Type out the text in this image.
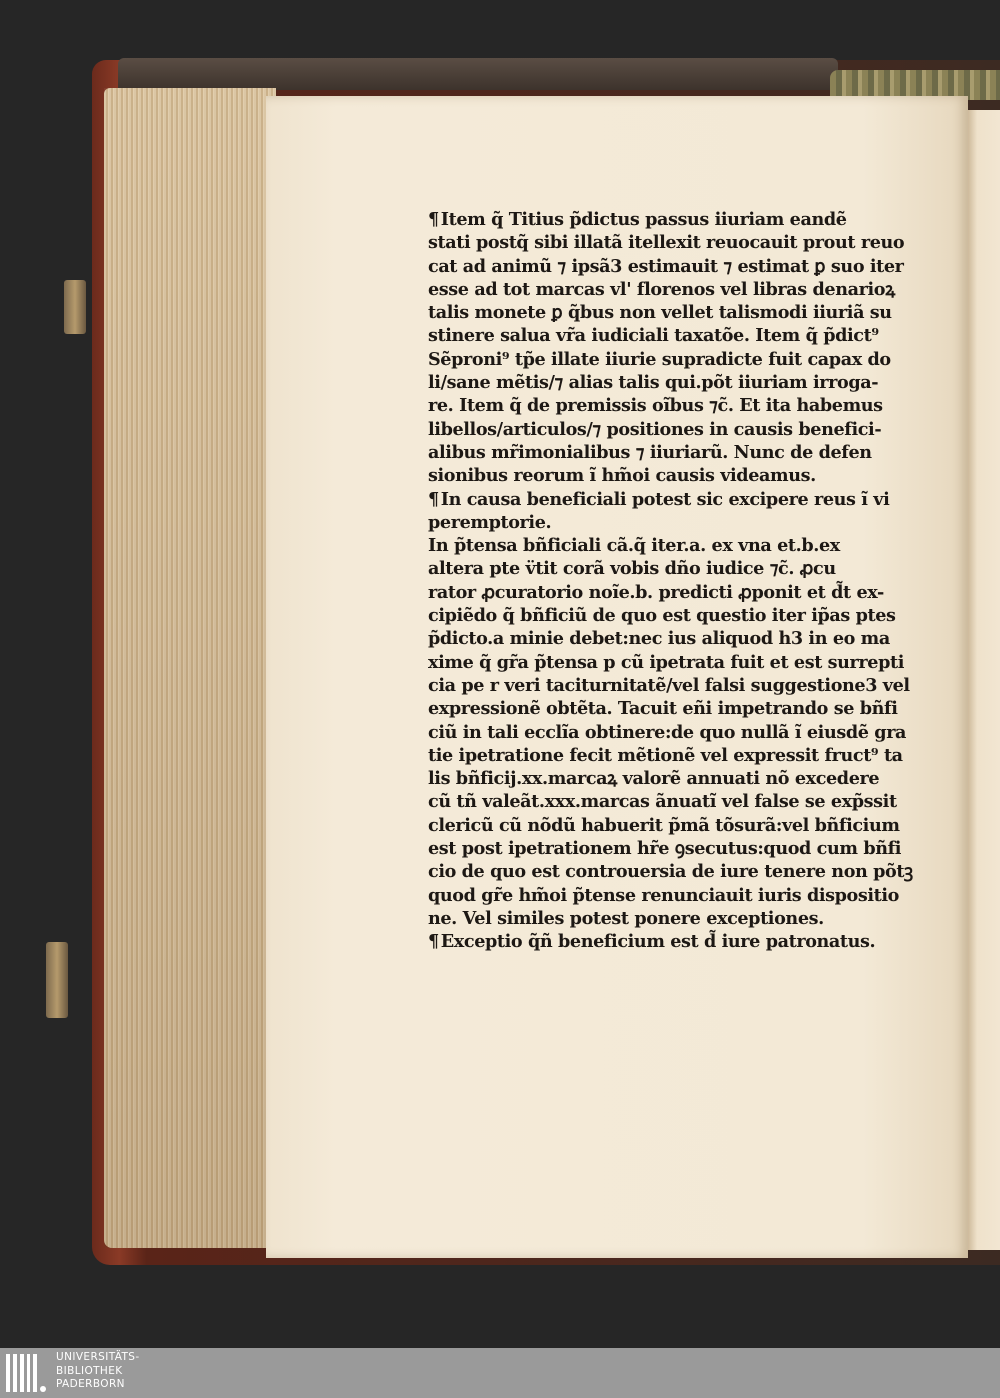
¶ Item q̃ Titius p̃dictus passus iiuriam eandẽ
stati postq̃ sibi illatã itellexit reuocauit prout reuo
cat ad animũ ⁊ ipsã3 estimauit ⁊ estimat ꝑ suo iter
esse ad tot marcas vl' florenos vel libras denarioꝝ
talis monete ꝑ q̃bus non vellet talismodi iiuriã su
stinere salua vr̃a iudiciali taxatõe. Item q̃ p̃dict⁹
Sẽproni⁹ tp̃e illate iiurie supradicte fuit capax do
li/sane mẽtis/⁊ alias talis qui.põt iiuriam irroga-
re. Item q̃ de premissis oĩbus ⁊c̃. Et ita habemus
libellos/articulos/⁊ positiones in causis benefici-
alibus mr̃imonialibus ⁊ iiuriarũ. Nunc de defen
sionibus reorum ĩ hm̃oi causis videamus.
¶ In causa beneficiali potest sic excipere reus ĩ vi
peremptorie.
In p̃tensa bñficiali cã.q̃ iter.a. ex vna et.b.ex
altera pte v̈tit corã vobis dño iudice ⁊c̃. ꝓcu
rator ꝓcuratorio noĩe.b. predicti ꝓponit et d̃t ex-
cipiẽdo q̃ bñficiũ de quo est questio iter ip̃as ptes
p̃dicto.a minie debet:nec ius aliquod h3 in eo ma
xime q̃ gr̃a p̃tensa p cũ ipetrata fuit et est surrepti
cia pe r veri taciturnitatẽ/vel falsi suggestione3 vel
expressionẽ obtẽta. Tacuit eñi impetrando se bñfi
ciũ in tali ecclĩa obtinere:de quo nullã ĩ eiusdẽ gra
tie ipetratione fecit mẽtionẽ vel expressit fruct⁹ ta
lis bñficij.xx.marcaꝝ valorẽ annuati nõ excedere
cũ tñ valeãt.xxx.marcas ãnuatĩ vel false se exp̃ssit
clericũ cũ nõdũ habuerit p̃mã tõsurã:vel bñficium
est post ipetrationem hr̃e ꝯsecutus:quod cum bñfi
cio de quo est controuersia de iure tenere non põtꝫ
quod gr̃e hm̃oi p̃tense renunciauit iuris dispositio
ne. Vel similes potest ponere exceptiones.
¶ Exceptio q̃ñ beneficium est d̃ iure patronatus.
UNIVERSITÄTS-
BIBLIOTHEK
PADERBORN
